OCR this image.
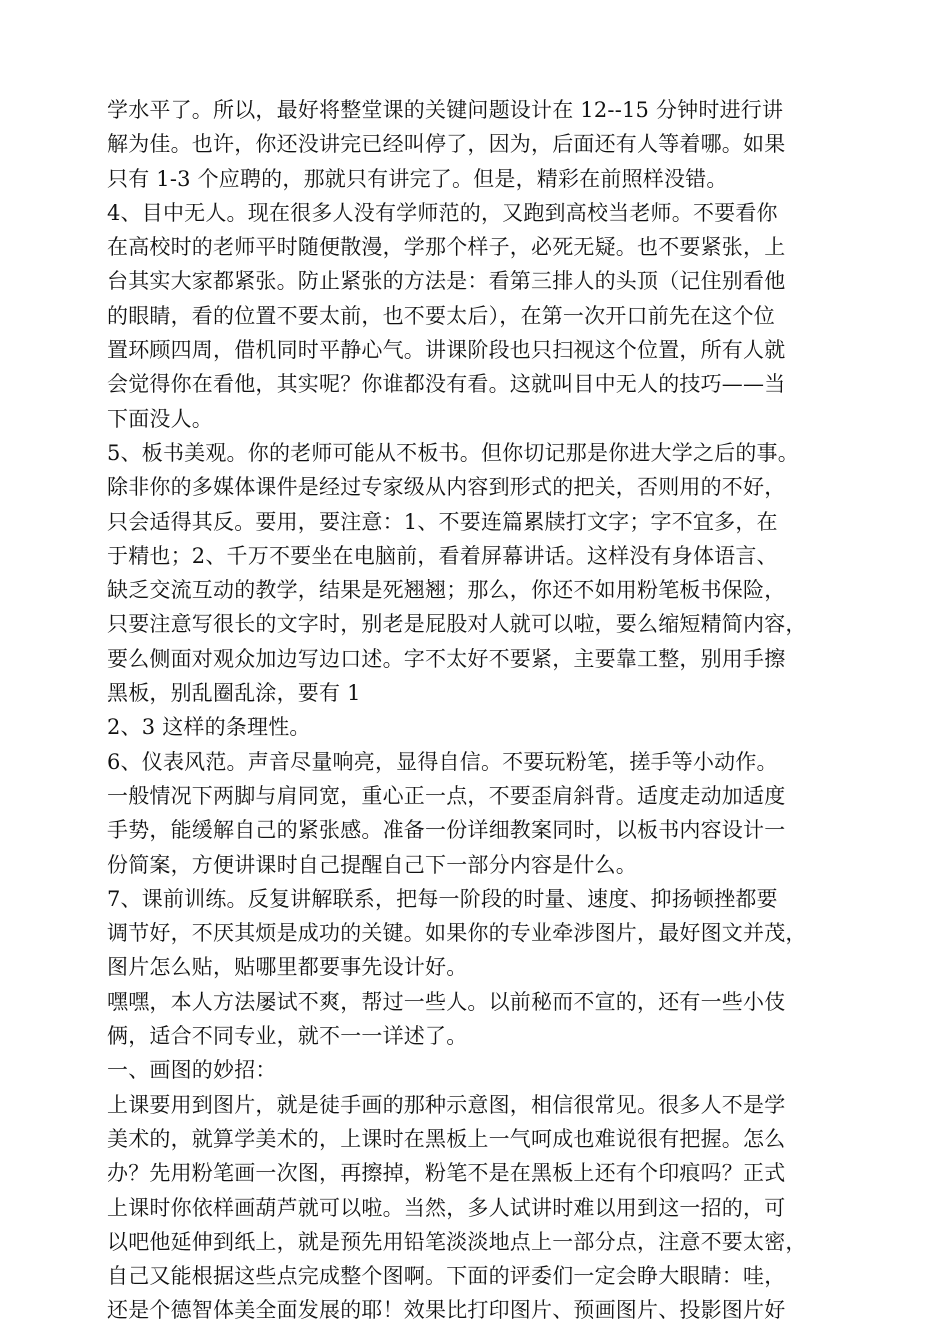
学水平了。所以，最好将整堂课的关键问题设计在 12--15 分钟时进行讲
解为佳。也许，你还没讲完已经叫停了，因为，后面还有人等着哪。如果
只有 1-3 个应聘的，那就只有讲完了。但是，精彩在前照样没错。
4、目中无人。现在很多人没有学师范的，又跑到高校当老师。不要看你
在高校时的老师平时随便散漫，学那个样子，必死无疑。也不要紧张，上
台其实大家都紧张。防止紧张的方法是：看第三排人的头顶（记住别看他
的眼睛，看的位置不要太前，也不要太后），在第一次开口前先在这个位
置环顾四周，借机同时平静心气。讲课阶段也只扫视这个位置，所有人就
会觉得你在看他，其实呢？你谁都没有看。这就叫目中无人的技巧——当
下面没人。
5、板书美观。你的老师可能从不板书。但你切记那是你进大学之后的事。
除非你的多媒体课件是经过专家级从内容到形式的把关，否则用的不好，
只会适得其反。要用，要注意：1、不要连篇累牍打文字；字不宜多，在
于精也；2、千万不要坐在电脑前，看着屏幕讲话。这样没有身体语言、
缺乏交流互动的教学，结果是死翘翘；那么，你还不如用粉笔板书保险，
只要注意写很长的文字时，别老是屁股对人就可以啦，要么缩短精简内容，
要么侧面对观众加边写边口述。字不太好不要紧，主要靠工整，别用手擦
黑板，别乱圈乱涂，要有 1
2、3 这样的条理性。
6、仪表风范。声音尽量响亮，显得自信。不要玩粉笔，搓手等小动作。
一般情况下两脚与肩同宽，重心正一点，不要歪肩斜背。适度走动加适度
手势，能缓解自己的紧张感。准备一份详细教案同时，以板书内容设计一
份简案，方便讲课时自己提醒自己下一部分内容是什么。
7、课前训练。反复讲解联系，把每一阶段的时量、速度、抑扬顿挫都要
调节好，不厌其烦是成功的关键。如果你的专业牵涉图片，最好图文并茂，
图片怎么贴，贴哪里都要事先设计好。
嘿嘿，本人方法屡试不爽，帮过一些人。以前秘而不宣的，还有一些小伎
俩，适合不同专业，就不一一详述了。
一、画图的妙招：
上课要用到图片，就是徒手画的那种示意图，相信很常见。很多人不是学
美术的，就算学美术的，上课时在黑板上一气呵成也难说很有把握。怎么
办？先用粉笔画一次图，再擦掉，粉笔不是在黑板上还有个印痕吗？正式
上课时你依样画葫芦就可以啦。当然，多人试讲时难以用到这一招的，可
以吧他延伸到纸上，就是预先用铅笔淡淡地点上一部分点，注意不要太密，
自己又能根据这些点完成整个图啊。下面的评委们一定会睁大眼睛：哇，
还是个德智体美全面发展的耶！效果比打印图片、预画图片、投影图片好
